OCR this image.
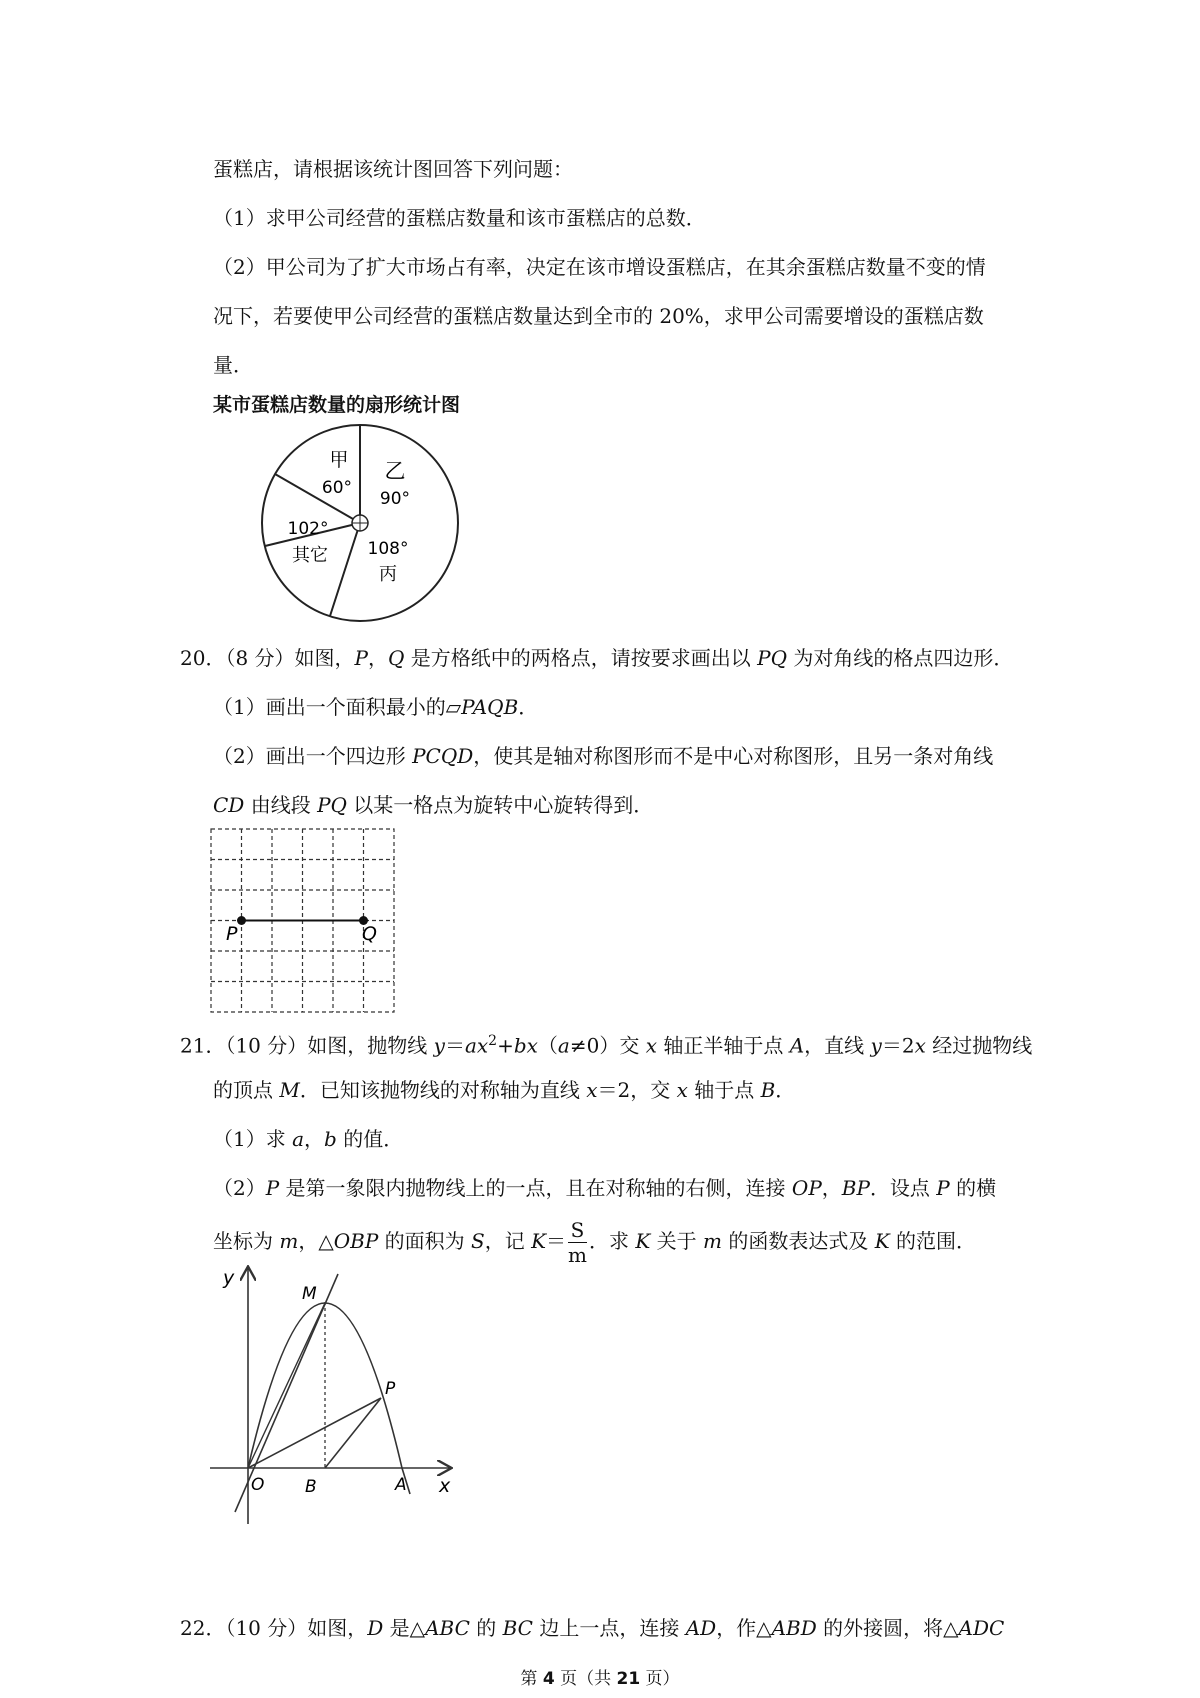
蛋糕店，请根据该统计图回答下列问题：
（1）求甲公司经营的蛋糕店数量和该市蛋糕店的总数．
（2）甲公司为了扩大市场占有率，决定在该市增设蛋糕店，在其余蛋糕店数量不变的情
况下，若要使甲公司经营的蛋糕店数量达到全市的 20%，求甲公司需要增设的蛋糕店数
量．
某市蛋糕店数量的扇形统计图
甲
60°
乙
90°
102°
其它 108°
丙
20．（8 分）如图，P，Q 是方格纸中的两格点，请按要求画出以 PQ 为对角线的格点四边形．
（1）画出一个面积最小的▱PAQB．
（2）画出一个四边形 PCQD，使其是轴对称图形而不是中心对称图形，且另一条对角线
CD 由线段 PQ 以某一格点为旋转中心旋转得到．
P	Q
21．（10 分）如图，抛物线 $y=ax^2+bx(a\ne 0)$交 x 轴正半轴于点 A，直线 y＝2x 经过抛物线
的顶点 M．已知该抛物线的对称轴为直线 x＝2，交 x 轴于点 B．
（1）求 a，b 的值．
（2）P 是第一象限内抛物线上的一点，且在对称轴的右侧，连接 OP，BP．设点 P 的横
坐标为 m，△OBP 的面积为 S，记 $K= \frac{S}{m}$ ．求 K 关于 m 的函数表达式及 K 的范围．
y
M
P
O B	A x
22．（10 分）如图，D 是△ABC 的 BC 边上一点，连接 AD，作△ABD 的外接圆，将△ADC
第 4 页（共 21 页）
